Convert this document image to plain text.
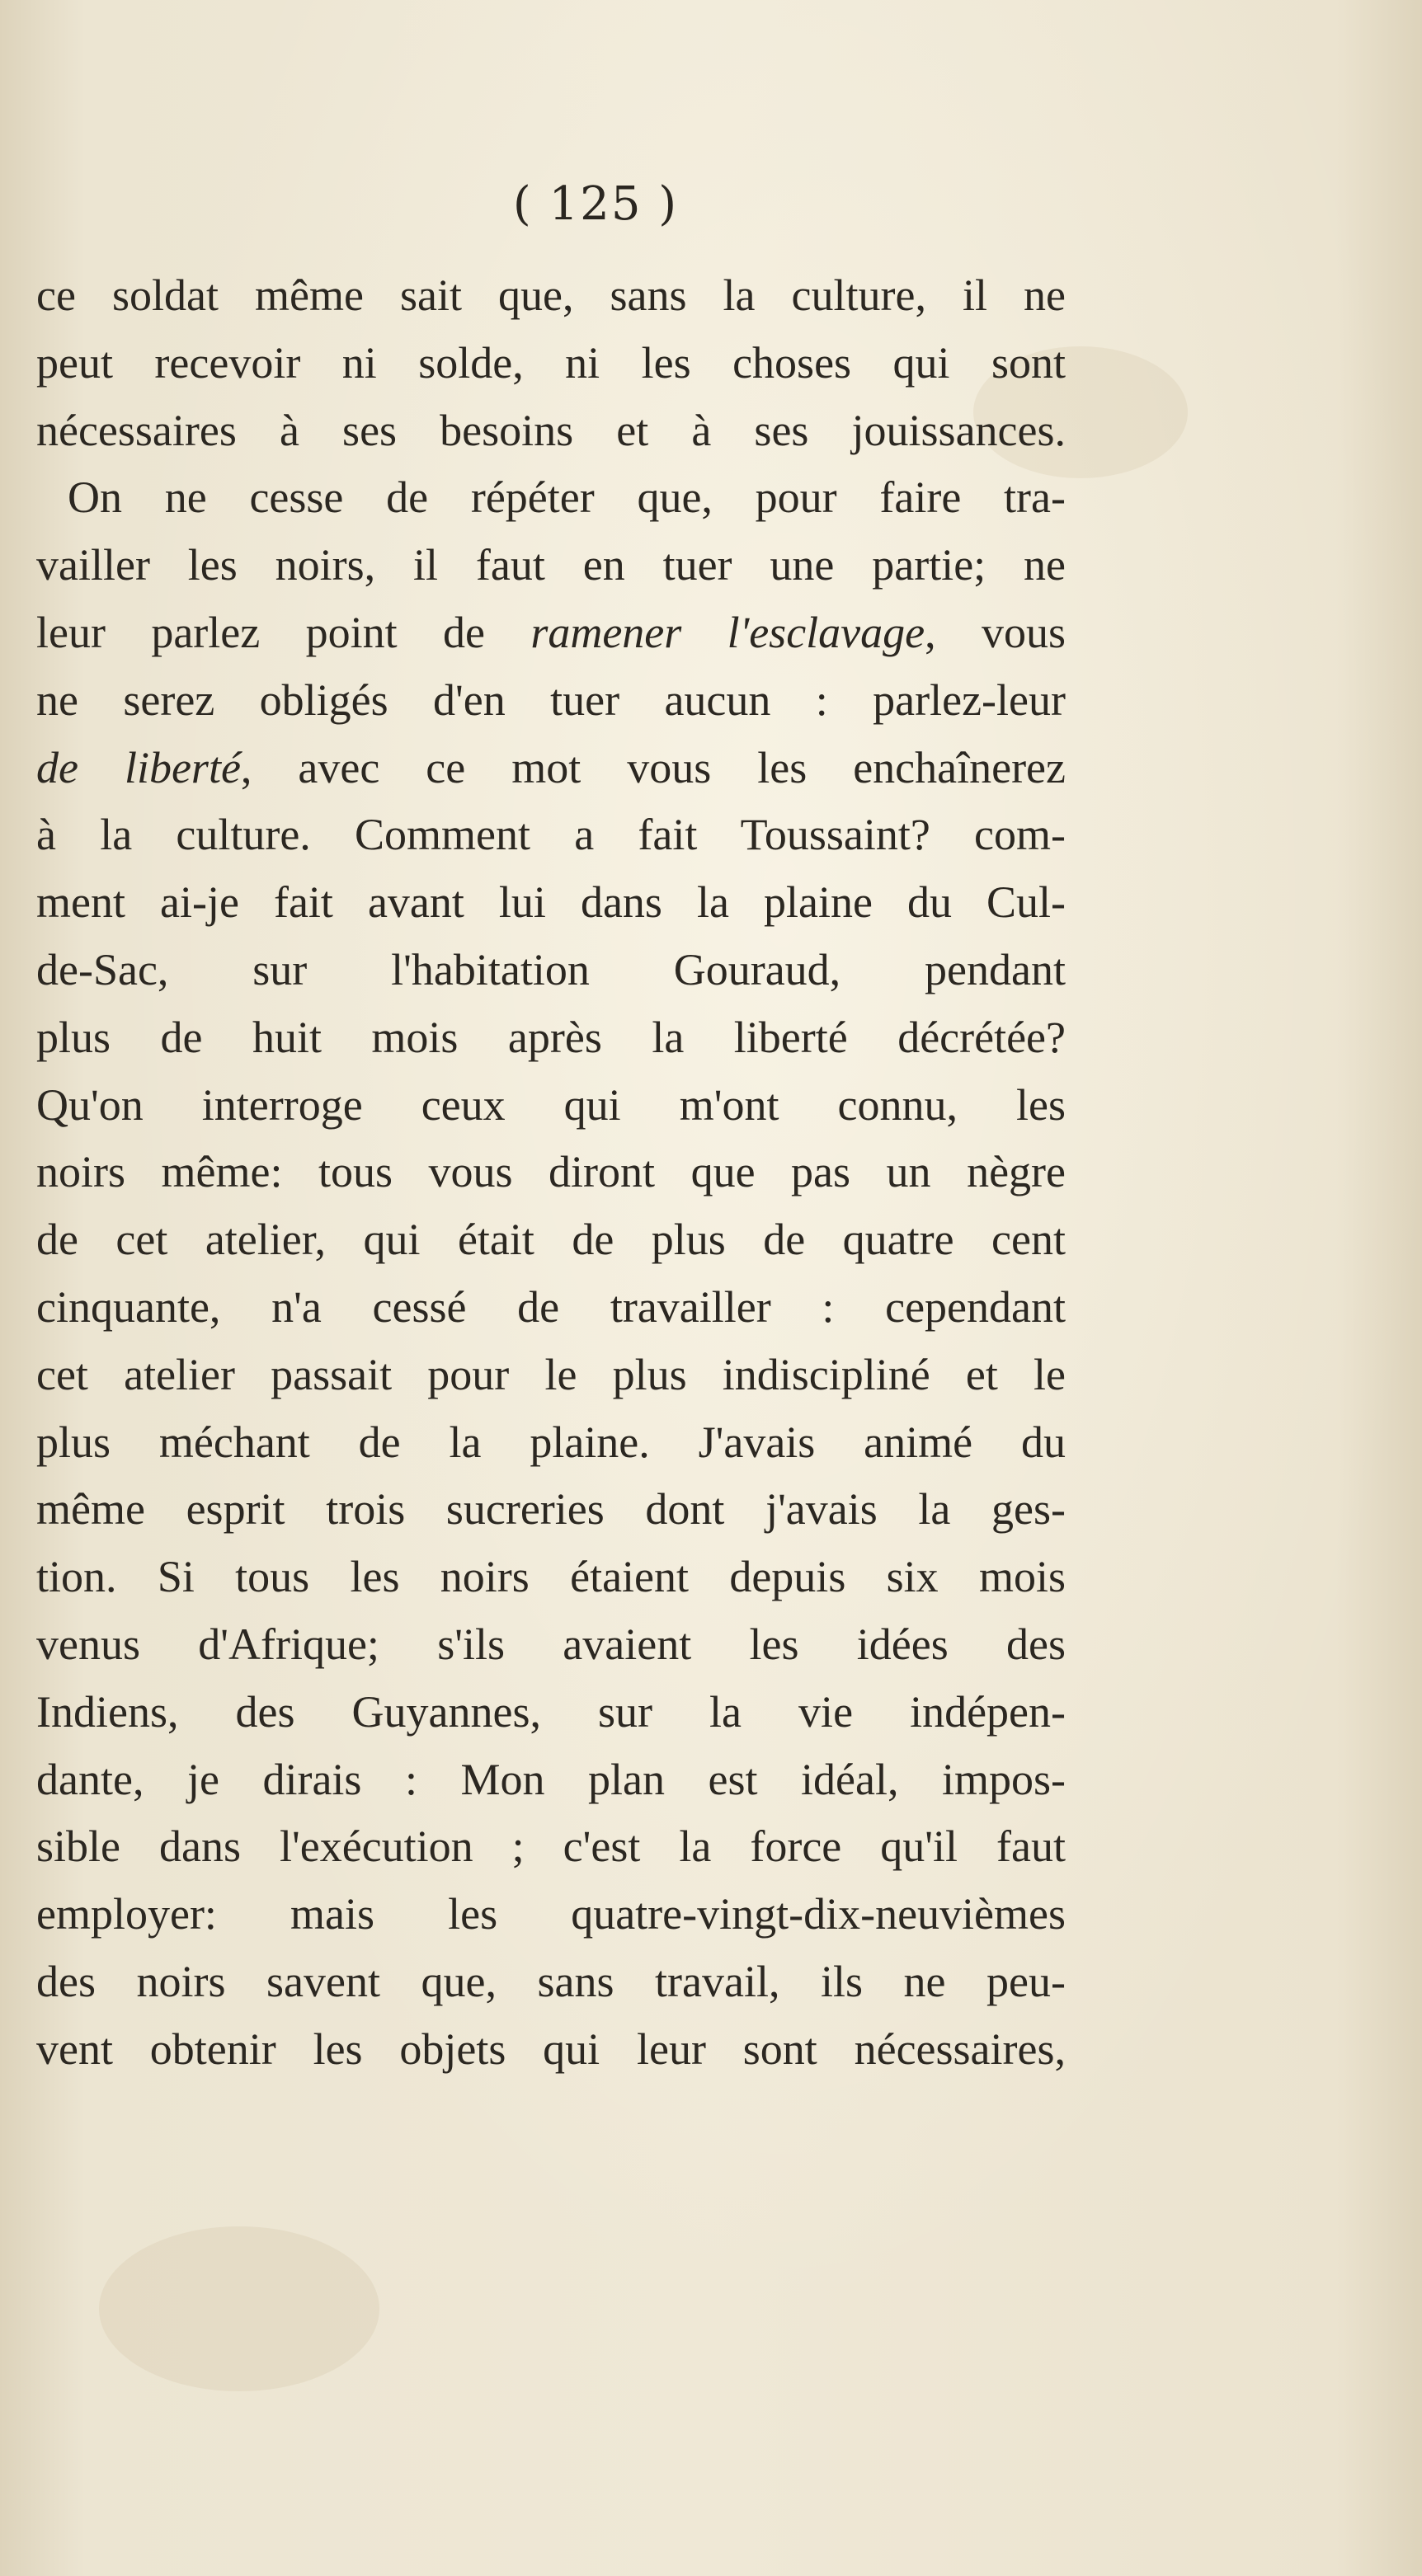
( 125 )
ce soldat même sait que, sans la culture, il ne
peut recevoir ni solde, ni les choses qui sont
nécessaires à ses besoins et à ses jouissances.
On ne cesse de répéter que, pour faire tra-
vailler les noirs, il faut en tuer une partie; ne
leur parlez point de ramener l'esclavage, vous
ne serez obligés d'en tuer aucun : parlez-leur
de liberté, avec ce mot vous les enchaînerez
à la culture. Comment a fait Toussaint? com-
ment ai-je fait avant lui dans la plaine du Cul-
de-Sac, sur l'habitation Gouraud, pendant
plus de huit mois après la liberté décrétée?
Qu'on interroge ceux qui m'ont connu, les
noirs même: tous vous diront que pas un nègre
de cet atelier, qui était de plus de quatre cent
cinquante, n'a cessé de travailler : cependant
cet atelier passait pour le plus indiscipliné et le
plus méchant de la plaine. J'avais animé du
même esprit trois sucreries dont j'avais la ges-
tion. Si tous les noirs étaient depuis six mois
venus d'Afrique; s'ils avaient les idées des
Indiens, des Guyannes, sur la vie indépen-
dante, je dirais : Mon plan est idéal, impos-
sible dans l'exécution ; c'est la force qu'il faut
employer: mais les quatre-vingt-dix-neuvièmes
des noirs savent que, sans travail, ils ne peu-
vent obtenir les objets qui leur sont nécessaires,
